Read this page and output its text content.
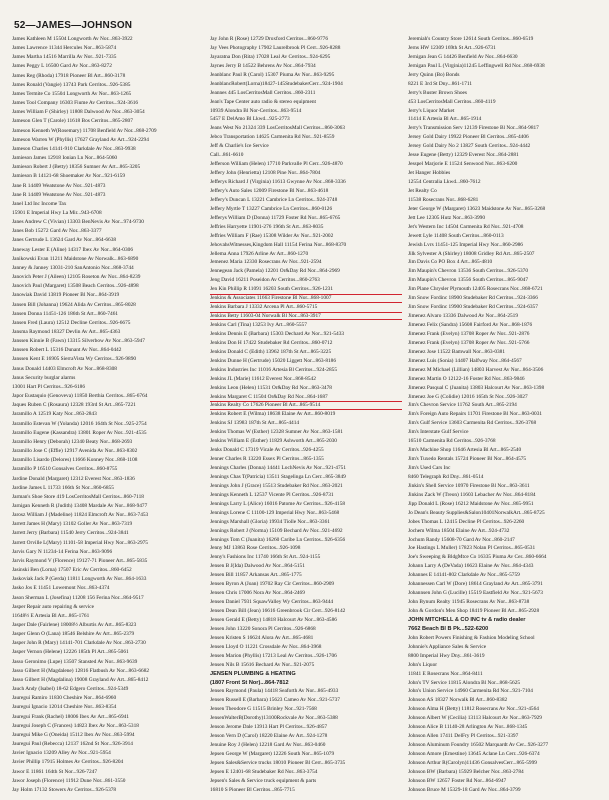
52—JAMES—JOHNSON
James Kathleen M 15504 Longworth Av Nor...863-3922
James Lawrence 11344 Hercules Nor...863-5874
James Martha 14516 Marrilla Av Nor...921-7335
James Peggy L 16500 Gard Av Nor...863-8272
James Reg (Rhoda) 17918 Pioneer Bl Art...860-3178
James Ronald (Vangie) 13743 Park Cerritos...926-5385
James Termite Co 15504 Longworth Av Nor...863-1265
James Tool Company 16303 Fiume Av Cerritos...924-3616
James William F (Shirley) 11808 Dalwood Av Nor...863-3054
Jameson Glen T (Carole) 11618 Bos Cerritos...865-2807
Jameson Kenneth W(Rosemary) 11708 Benfield Av Nor...868-2709
Jameson Warren W (Phyllis) 17627 Grayland Av Art...924-2294
Jameson Charles 14141-910 Clarkdale Av Nor...863-9938
Jamieson James 12918 Ionian Ln Nor...864-5060
Jamieson Robert J (Betty) 18356 Sumner Av Art...865-3205
Jamieson B 14121-68 Shoemaker Av Nor...921-6159
Jane R 14409 Weatstone Av Nor...921-4873
Jane R 14409 Weatstone Av Nor...921-4873
Janel Ltd Inc Income Tax
15901 E Imperial Hwy La Mir...943-6708
Janes Andrew C (Vivian) 13303 BenNevis Av Nor...974-9730
Janes Bob 15272 Gard Av Nor...863-3377
Janes Gertrude L 13624 Gard Av Nor...864-6638
Janeway Lester E (Aline) 14317 Ibex Av Nor...864-0306
Janikowski Evan 11211 Maidstone Av Norwalk...863-6890
Janney & Janney 13031-210 SanAntonio Nor...868-3744
Janovich Peter J (Aileen) 12105 Roseton Av Nor...864-8239
Janovich Paul (Margaret) 13508 Beach Cerritos...926-4898
Janowiak David 13819 Pioneer Bl Nor...864-3919
Jansen Bill (Johanna) 19624 Alida Av Cerritos...865-8028
Jansen Donna 11451-126 186th St Art...860-7461
Jansen Fred (Laura) 12512 Decline Cerritos...926-6675
Jansma Raymond 18327 Devlin Av Art...865-4363
Janssen Kinnie B (Fawn) 13315 Silverbow Av Nor...863-5947
Janssen Robert L 15316 Dunant Av Nor...864-0442
Janssen Kent E 16905 SierraVista Wy Cerritos...926-9890
Janus Donald 14403 Elmcroft Av Nor...868-8308
Janus Security burglar alarms
13001 Hart Pl Cerritos...926-6186
Japor Eustaquio (Genoveva) 11850 Berthia Cerritos...865-6764
Jaques Ruben C (Rosaura) 12328 193rd St Art...865-7221
Jaramillo A 12519 Katy Nor...863-2843
Jaramillo Estevan W (Yolanda) 12016 164th St Nor...925-2754
Jaramillo Eugene (Kassandra) 13801 Roper Av Nor...921-4535
Jaramillo Henry (Deborah) 12340 Beaty Nor...868-2693
Jaramillo Jose C (Effie) 12917 Avenida Av Nor...863-8302
Jaramillo Lisardo (Delores) 11666 Konney Nor...868-1108
Jaramillo P 16510 Gonsalves Cerritos...860-8755
Jardine Donald (Margaret) 12312 Everest Nor...863-1836
Jardine James L 11733 166th St Nor...860-6855
Jarman's Shoe Store 419 LosCerritosMall Cerritos...860-7118
Jarnigan Kenneth R (Judith) 13408 Mardale Av Nor...868-9477
Jarosz William J (Madeline) 11824 Elmcroft Av Nor...863-7453
Jarrett James H (Mary) 13102 Goller Av Nor...863-7319
Jarrett Jerry (Barbara) 11540 Jerry Cerritos...924-3841
Jarrett Orville L(Mary) 11101-58 Imperial Hwy Nor...863-2975
Jarvis Gary N 11234-14 Ferina Nor...863-9096
Jarvis Raymond V (Florence) 19127-71 Pioneer Art...865-5835
Jasinski Ben (Lorna) 17507 Eric Av Cerritos...860-6452
Jaskoviak Jack P (Gerda) 11811 Longworth Av Nor...864-1633
Jasko Jos E 11451 Lowemont Nor...863-4374
Jason Sherman L (Josefina) 11208 156 Ferina Nor...864-9517
Jasper Repair auto repairing & service
11648½ E Artesia Bl Art...865-1761
Jasper Dale (Fairlene) 18008½ Alburtis Av Art...865-8323
Jasper Glenn O (Lana) 18546 Belshire Av Art...865-2379
Jasper John R (Mary) 14141-701 Clarkdale Av Nor...863-2730
Jasper Vernon (Helene) 12226 185th Pl Art...865-5061
Jasso Geronimo (Lupe) 13507 Stansted Av Nor...863-9639
Jasso Gilbert H (Magdalene) 12816 Flatbush Av Nor...863-6682
Jasso Gilbert H (Magdalina) 19008 Grayland Av Art...865-8412
Jauch Andy (Isabel) 18-62 Edgero Cerritos...924-5349
Jauregui Ramiro 11830 Cheshire Nor...864-6960
Jauregui Ignacio 12014 Cheshire Nor...863-8354
Jauregui Frank (Rachel) 18006 Ibex Av Art...865-6941
Jauregui Joseph C (Frances) 14823 Ibex Av Nor...863-5318
Jauregui Mike G (Oneida) 15112 Ibex Av Nor...863-5994
Jauregui Paul (Rebecca) 12137 162nd St Nor...926-3914
Javier Ignacio 13209 Alley Av Nor...921-5954
Javier Phillip 17915 Holmes Av Cerritos...926-8204
Jawor E 11861 164th St Nor...926-7247
Jawor Joseph (Florence) 11912 Dune Nor...861-3550
Jay Holm 17132 Stowers Av Cerritos...926-5378
Jay John R (Rose) 12729 Droxford Cerritos...860-9776
Jay Vees Photography 17902 Laurelbrook Pl Cerr...926-8288
Jayaratna Don (Rita) 17028 Leal Av Cerritos...924-6295
Jaynes Jerry B 14522 Behrens Av Nor...864-7934
Jeanblanc Paul R (Carol) 15307 Piuma Av Nor...863-9295
JeanblancRobert(Lorna)18427-145StudebakerCerr...924-1904
Jeannes 445 LosCerritosMall Cerritos...860-2311
Jean's Tape Center auto radio & stereo equipment
10939 Alondra Bl Nor-Cerritos...863-9514
5457 E DelAmo Bl Lkwd...925-2773
Jeans West No 21324 339 LosCerritosMall Cerritos...860-3063
Jebco Transportation 14625 Carmenita Rd Nor...921-8559
Jeff & Charlie's Ice Service
Call...861-6610
Jefferson William (Helen) 17710 Parkvalle Pl Cerr...926-4870
Jeffery John (Henrietta) 12108 Pine Nor...864-7804
Jefferys Richard J (Virginia) 11613 Gwynne Av Nor...868-3336
Jeffery's Auto Sales 12009 Firestone Bl Nor...863-4618
Jeffery's Duncan L 13221 Cambrice Ln Cerritos...924-3748
Jeffery Myrtle T 13227 Cambrice Ln Cerritos...860-0126
Jefferys William D (Donna) 11729 Foster Rd Nor...865-6765
Jeffries Harryette 11901-276 196th St Art...863-8035
Jeffries William F (Rae) 15308 Wilder Av Nor...921-2002
JehovahsWitnesses,Kingdom Hall 11154 Ferina Nor...868-8370
Jellema Anna 17926 Arline Av Art...860-1270
Jemenez Maria 12330 Rosecrans Av Nor...921-2594
Jennegean Jack (Pamela) 12201 Or&Day Rd Nor...864-2969
Jeng David 16211 Poseidon Av Cerritos...860-2763
Jen Kin Phillip R 11091 16203 South Cerritos...926-1231
Jenkins & Associates 11663 Firestone Bl Nor...868-1007
Jenkins Barbara J 13332 Arcena Pl Art...860-5715
Jenkins Betty 11603-04 Norwalk Bl Nor...863-3917
Jenkins Carl (Tina) 13253 Ivy Art...860-5557
Jenkins Dennis E (Barbara) 15303 Dechard Av Nor...921-5433
Jenkins Don H 17422 Studebaker Rd Cerritos...860-0712
Jenkins Donald C (Edith) 13962 187th St Art...865-3225
Jenkins Dunne H (Gertrude) 15020 Liggett Nor...863-8186
Jenkins Industries Inc 11016 Artesia Bl Cerritos...924-2855
Jenkins JL (Marie) 11612 Everest Nor...868-8542
Jenkins Leon (Helen) 11531 Or&Day Rd Nor...863-3478
Jenkins Margaret C 11504 Or&Day Rd Nor...864-1687
Jenkins Realty Co 17626 Pioneer Bl Art...865-9514
Jenkins Robert E (Wilma) 18638 Elaine Av Art...860-8019
Jenkins SJ 13983 187th St Art...865-4414
Jenkins Thomas W (Esther) 12328 Sumner Av Nor...863-1581
Jenkins William E (Esther) 11829 Ashworth Art...865-2030
Jenks Donald C 17319 Vicale Av Cerritos...926-4255
Jenner Charles R 13220 Essex Pl Cerritos...865-1355
Jennings Charles (Donna) 14441 LochNevis Av Nor...921-4751
Jennings Chas T(Patricia) 13511 Stagelinga Ln Cerr...865-3849
Jennings John J (Grace) 15513 Studebaker Rd Nor...863-2021
Jennings Kenneth L 12537 Vicente Pl Cerritos...926-8731
Jennings Larry L (Alice) 16016 Patome Av Cerritos...926-4158
Jennings Lorene C 11100-129 Imperial Hwy Nor...863-5468
Jennings Marshall (Gloria) 19934 Tiolle Nor...863-3361
Jennings Robert J (Norma) 15109 Bechard Av Nor...921-4692
Jennings Tom C (Juanita) 16260 Caribe Ln Cerritos...926-6356
Jenny MJ 13863 Rose Cerritos...926-1098
Jenny's Fashions Inc 11740 166th St Art...924-1155
Jensen B J(Ida) Dalwood Av Nor...864-5151
Jensen Bill 11857 Arkansas Art...865-1775
Jensen Byron A (Joan) 19702 Ray Cir Cerritos...860-2909
Jensen Chris 17006 Nora Av Nor...864-2469
Jensen Daniel 7931 SquawValley Wy Cerritos...863-9444
Jensen Dean Bill (Jean) 16616 Greenbrook Cir Cerr...926-8142
Jensen Gerald E (Betty) 14818 Halcourt Av Nor...863-4586
Jensen John 13220 Sonora Pl Cerritos...926-6868
Jensen Kristen S 16624 Alora Av Art...865-4681
Jensen Lloyd O 11221 Crossdale Av Nor...864-3968
Jensen Marion (Phyllis) 17213 Leal Av Cerritos...926-1706
Jensen Nils B 15616 Bechard Av Nor...921-2075
JENSEN PLUMBING & HEATING
(1807 Front St Nor)...864-7812
Jensen Raymond (Paula) 14418 Seaforth Av Nor...865-4933
Jensen Russell E (Barbara) 15623 Cameo Av Nor...921-5737
Jensen Theodore G 11515 Brinley Nor...921-7568
JensenWalterB(Dorothy)13100Rockvale Av Nor...863-5388
Jenson Jerome Dale 13913 Hart Pl Cerritos...926-4857
Jenson Vern D (Carol) 18220 Elaine Av Art...924-1278
Jenuine Roy J (Helen) 12218 Gard Av Nor...863-0460
Jepsen George W (Margaret) 12226 South Nor...865-1079
Jepsen Sales&Service trucks 18010 Pioneer Bl Cerr...865-3735
Jepsen E 12401-68 Studebaker Rd Nor...863-3754
Jepsen's Sales & Service truck equipment & parts
16810 S Pioneer Bl Cerritos...865-7715
Jeremiah's Country Store 12614 South Cerritos...860-6519
Jerns HW 12309 169th St Art...926-6731
Jernigan Jean G 14426 Benfield Av Nor...864-6630
Jernigan Paul L (Virginia)11245 Leffingwell Rd Nor...868-6938
Jerry Quinn (Bo) Bonds
8221 E 3rd St Dny...861-1711
Jerry's Buster Brown Shoes
453 LosCerritosMall Cerritos...860-4119
Jerry's Liquor Market
11414 E Artesia Bl Art...865-1914
Jerry's Transmission Serv 12139 Firestone Bl Nor...864-9817
Jersey Gold Dairy 19922 Pioneer Bl Cerritos...865-4406
Jersey Gold Dairy No 2 13827 South Cerritos...924-4442
Jesse Eugene (Betty) 12329 Everest Nor...864-2881
Jesspel Marjorie E 11524 Senwood Nor...863-6200
Jet Hanger Hobbies
12554 Centralia Lkwd...860-7612
Jet Realty Co
11538 Rosecrans Nor...868-6281
Jeter George W (Margaret) 13623 Maidstone Av Nor...865-3268
Jett Lee 12305 Hutz Nor...863-3990
Jet's Western Inc 14504 Carmenita Rd Nor...921-4708
Jewett Lyle 11408 South Cerritos...860-0113
Jewish Lvrs 11451-125 Imperial Hwy Nor...860-2986
Jilk Sylvester A (Shirley) 18008 Gridley Rd Art...865-2507
Jim Davis Co PO Box 4 Art...865-4810
Jim Maupin's Chevron 13536 South Cerritos...926-5370
Jim Maupin's Chevron 13556 South Cerritos...865-9047
Jim Plane Chrysler Plymouth 12405 Rosecrans Nor...868-6721
Jim Snow Fordinc 18900 Studebaker Rd Cerritos...924-3366
Jim Snow Fordinc 19900 Studebaker Rd Cerritos...924-6357
Jimenez Alvaro 13336 Dalwood Av Nor...864-2519
Jimenez Felix (Sandra) 15608 Fairford Av Nor...868-1876
Jimenez Frank (Evelyn) 13708 Roper Av Nor...921-2876
Jimenez Frank (Evelyn) 13708 Roper Av Nor...921-5766
Jimenez Jose 11522 Bamwall Nor...863-0381
Jimenez Luis (Sonia) 14407 Halfway Nor...864-4567
Jimenez M Michael (Lillian) 14803 Harvest Av Nor...864-3506
Jimenez Martin O 12122-16 Foster Rd Nor...863-9846
Jimenez Pasqual C (Juanita) 13803 Halcourt Av Nor...863-1398
Jimenez Joe G (Colidie) 12016 165th St Nor...926-3027
Jim's Chevron Service 11762 South Art...865-2194
Jim's Foreign Auto Repairs 11701 Firestone Bl Nor...863-0031
Jim's Gulf Service 13603 Carmenita Rd Cerritos...926-3768
Jim's Interstate Gulf Service
16510 Carmenita Rd Cerritos...926-3768
Jim's Machine Shop 11646 Artesia Bl Art...865-2540
Jim's Tuxedo Rentals 15724 Pioneer Bl Nor...864-4575
Jim's Used Cars Inc
8460 Telegraph Rd Dny...861-0514
Jinkin's Shell Service 10970 Firestone Bl Nor...863-3611
Jinkins Zack W (Treon) 11603 Lebacher Av Nor...864-8184
Jipp Donald L (Rose) 16212 Maidstone Av Nor...865-9951
Jo Dean's Beauty Supplies&Salon10401NorwalkArt...865-8725
Jobes Thomas L 12415 Decline Pl Cerritos...926-2260
Jochem Wilma 18504 Elaine Av Art...924-4732
Jochum Randy 15608-70 Gard Av Nor...860-2147
Joe Hastings L Muller) 17823 Nolan Pl Cerritos...865-0531
Joe's Sweeping & BldgMtce Co 16335 Piuma Av Cer...860-6664
Johann Larry A (DeVada) 16623 Elaine Av Nor...864-4343
Johannes E 14141-802 Clarkdale Av Nor...865-5759
Johannessen Carl W (Dore) 18614 Grayland Av Art...865-3791
Johannsen John G (Lucille) 15519 Eastfield Av Nor...921-5673
John Bynum Realty 11945 Rosecrans Av Nor...863-8738
John & Gordon's Men Shop 18419 Pioneer Bl Art...865-2928
JOHN MITCHELL & CO INC tv & radio dealer
7662 Beach Bl B Pk...522-6200
John Robert Powers Finishing & Fashion Modeling School
Johnnie's Appliance Sales & Service
8800 Imperial Hwy Dny...861-3619
John's Liquor
11841 E Rosecrans Nor...864-8411
John's TV Service 11815 Alondra Bl Nor...868-5625
John's Union Service 14960 Carmenita Rd Nor...921-7104
Johnson AS 18327 Norwalk Bl Art...860-8382
Johnson Alma H (Betty) 11812 Rosecrans Av Nor...921-4564
Johnson Albert W (Cecilia) 13113 Halcourt Av Nor...863-7929
Johnson Alice B 11140-28 Arlington Av Nor...868-1345
Johnson Allen 17411 DelFry Pl Cerritos...921-3397
Johnson Aluminum Foundry 16502 Marquardt Av Cer...926-3277
Johnson Amore (Ernestine) 13645 Aclane Ln Cerr...926-6374
Johnson Arthur R(Carolyn)11436 GonsalvesCerr...865-5999
Johnson BW (Barbara) 15929 Belcher Nor...863-2784
Johnson BW 12657 Foster Rd Nor...864-6947
Johnson Bruce M 15329-18 Gard Av Nor...864-3799
